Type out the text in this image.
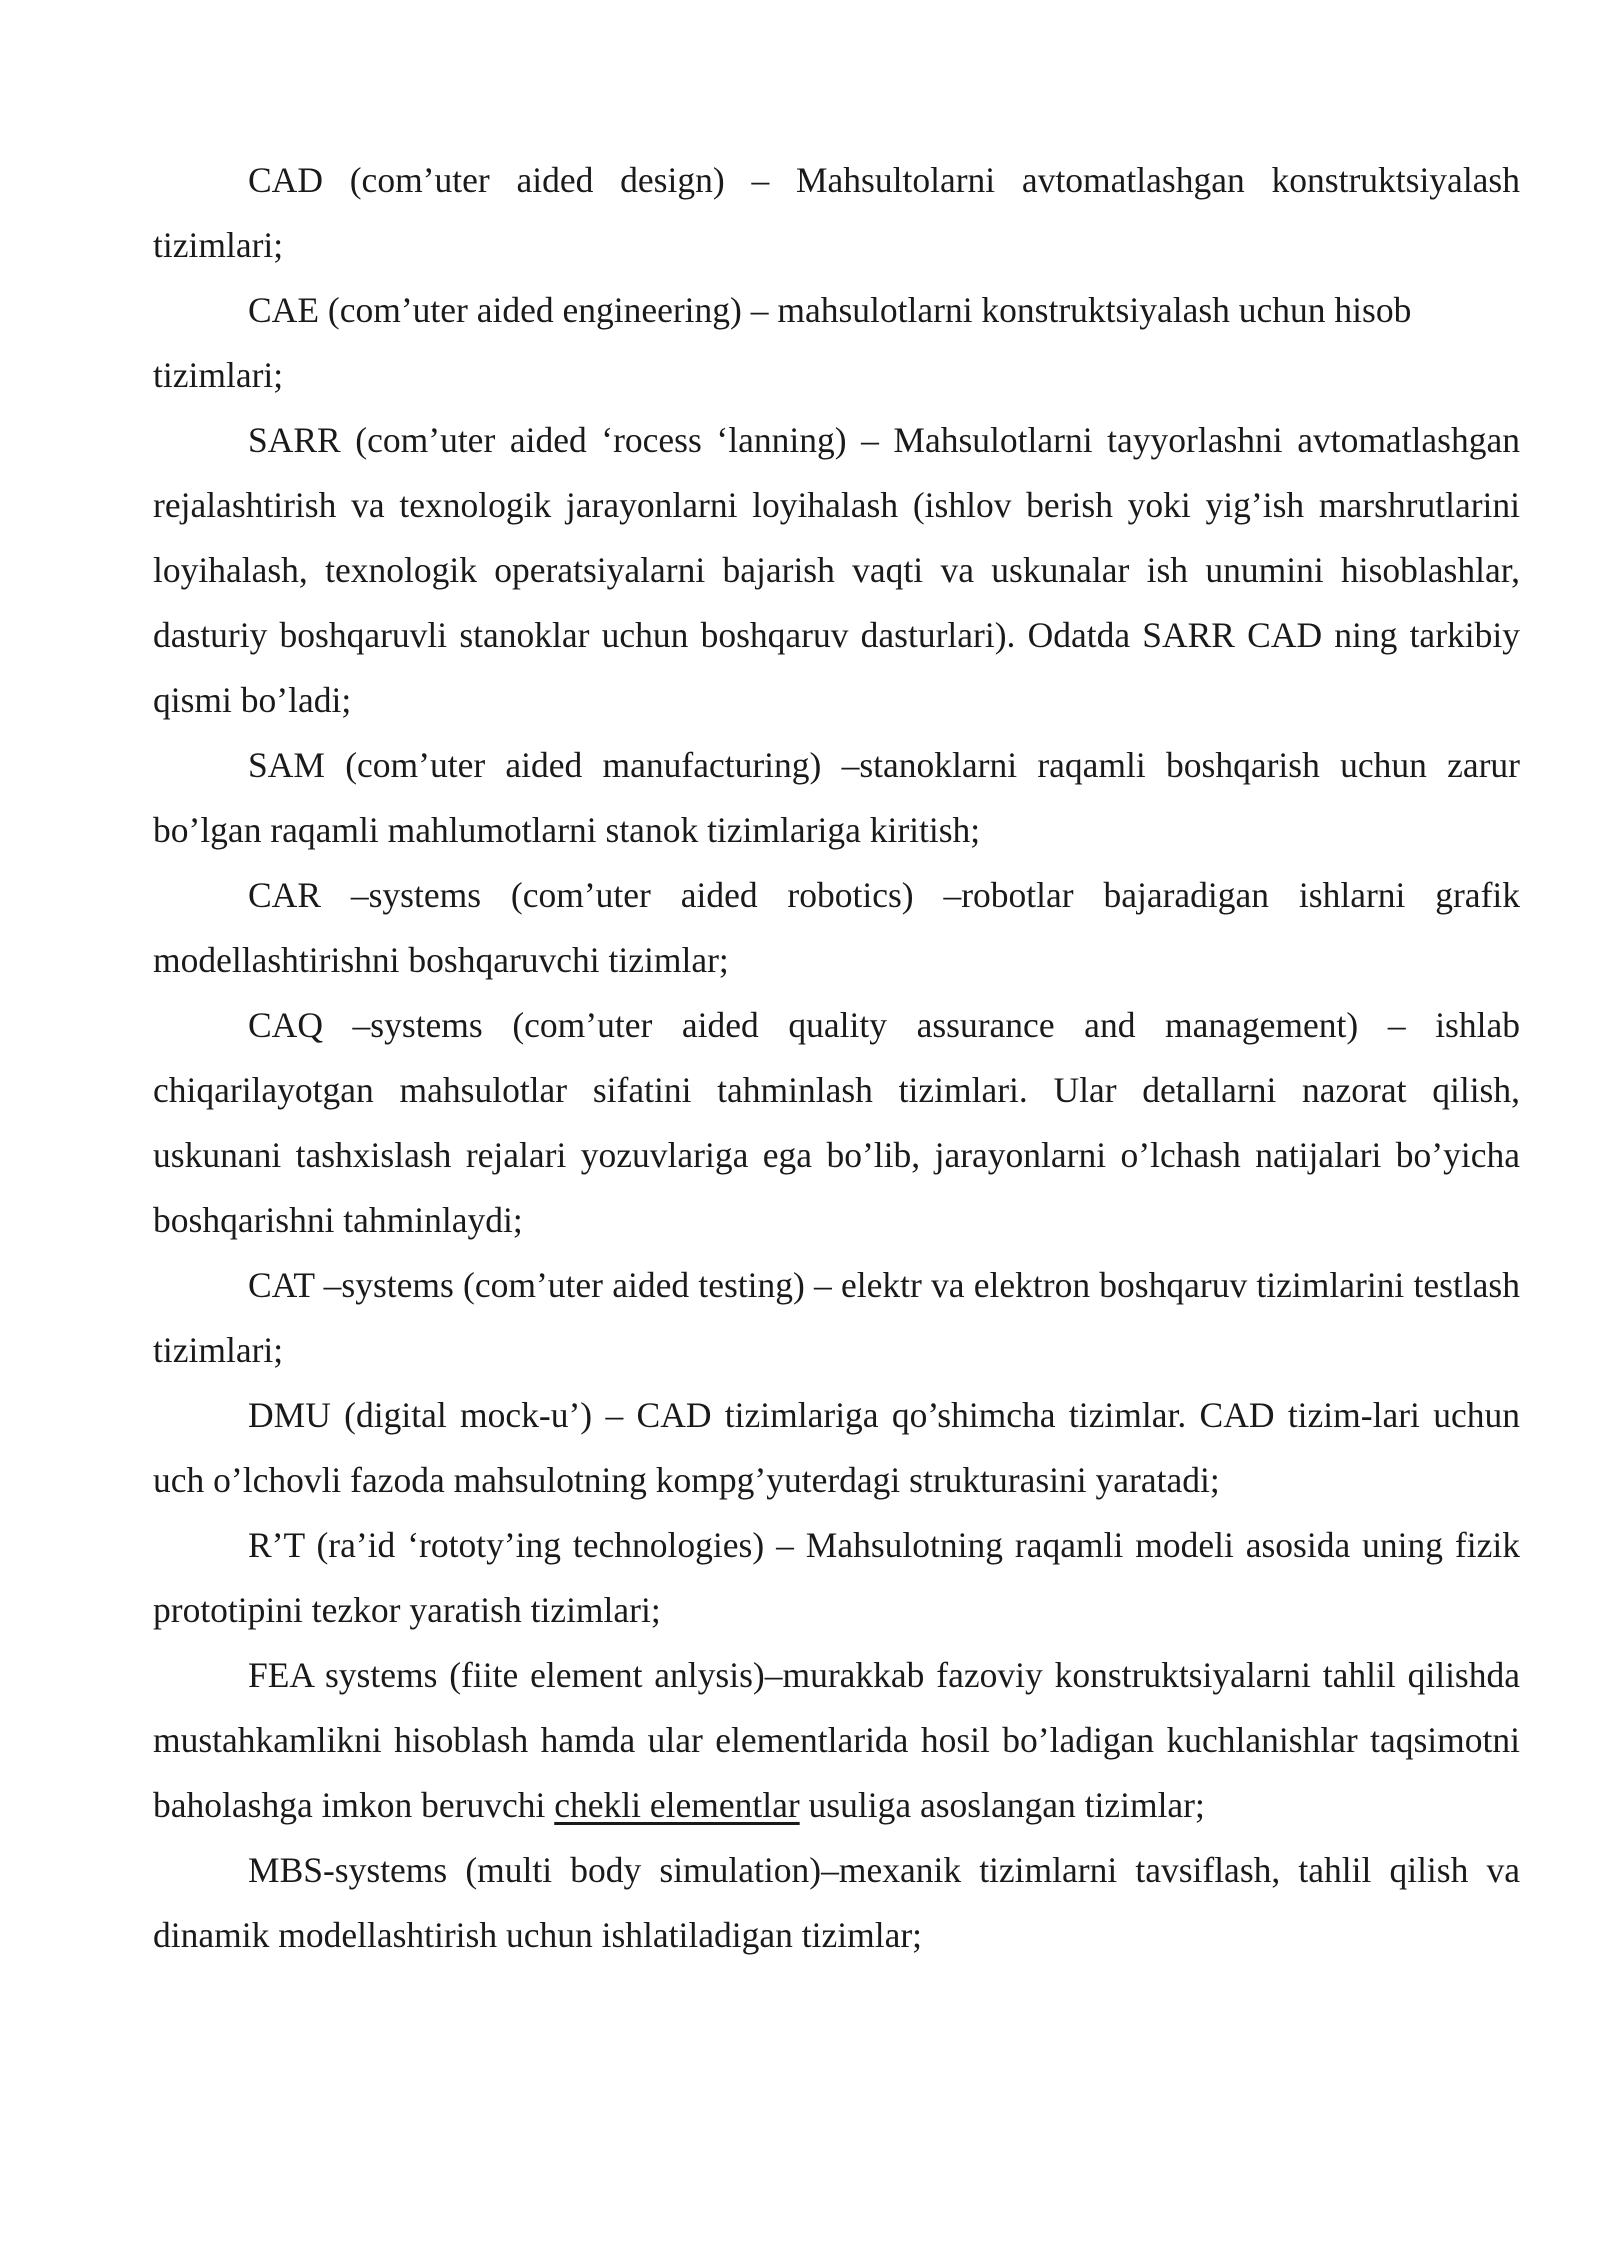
CAD (com’uter aided design) – Mahsultolarni avtomatlashgan konstruktsiyalash tizimlari;

CAE (com’uter aided engineering) – mahsulotlarni konstruktsiyalash uchun hisob tizimlari;

SARR (com’uter aided ‘rocess ‘lanning) – Mahsulotlarni tayyorlashni avtomatlashgan rejalashtirish va texnologik jarayonlarni loyihalash (ishlov berish yoki yig’ish marshrutlarini loyihalash, texnologik operatsiyalarni bajarish vaqti va uskunalar ish unumini hisoblashlar, dasturiy boshqaruvli stanoklar uchun boshqaruv dasturlari). Odatda SARR CAD ning tarkibiy qismi bo’ladi;

SAM (com’uter aided manufacturing) –stanoklarni raqamli boshqarish uchun zarur bo’lgan raqamli mahlumotlarni stanok tizimlariga kiritish;

CAR –systems (com’uter aided robotics) –robotlar bajaradigan ishlarni grafik modellashtirishni boshqaruvchi tizimlar;

CAQ –systems (com’uter aided quality assurance and management) – ishlab chiqarilayotgan mahsulotlar sifatini tahminlash tizimlari. Ular detallarni nazorat qilish, uskunani tashxislash rejalari yozuvlariga ega bo’lib, jarayonlarni o’lchash natijalari bo’yicha boshqarishni tahminlaydi;

CAT –systems (com’uter aided testing) – elektr va elektron boshqaruv tizimlarini testlash tizimlari;

DMU (digital mock-u’) – CAD tizimlariga qo’shimcha tizimlar. CAD tizim-lari uchun uch o’lchovli fazoda mahsulotning kompg’yuterdagi strukturasini yaratadi;

R’T (ra’id ‘rototy’ing technologies) – Mahsulotning raqamli modeli asosida uning fizik prototipini tezkor yaratish tizimlari;

FEA systems (fiite element anlysis)–murakkab fazoviy konstruktsiyalarni tahlil qilishda mustahkamlikni hisoblash hamda ular elementlarida hosil bo’ladigan kuchlanishlar taqsimotni baholashga imkon beruvchi chekli elementlar usuliga asoslangan tizimlar;

MBS-systems (multi body simulation)–mexanik tizimlarni tavsiflash, tahlil qilish va dinamik modellashtirish uchun ishlatiladigan tizimlar;
